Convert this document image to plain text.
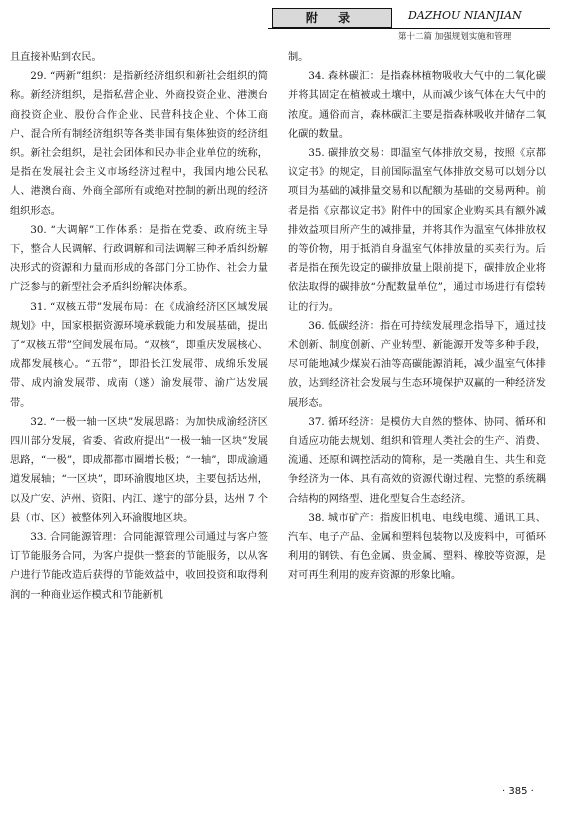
附 录	DAZHOU NIANJIAN
第十二篇 加强规划实施和管理

且直接补贴到农民。

29. “两新”组织：是指新经济组织和新社会组织的简称。新经济组织，是指私营企业、外商投资企业、港澳台商投资企业、股份合作企业、民营科技企业、个体工商户、混合所有制经济组织等各类非国有集体独资的经济组织。新社会组织，是社会团体和民办非企业单位的统称，是指在发展社会主义市场经济过程中，我国内地公民私人、港澳台商、外商全部所有或绝对控制的新出现的经济组织形态。

30. “大调解”工作体系：是指在党委、政府统主导下，整合人民调解、行政调解和司法调解三种矛盾纠纷解决形式的资源和力量而形成的各部门分工协作、社会力量广泛参与的新型社会矛盾纠纷解决体系。

31. “双核五带”发展布局：在《成渝经济区区域发展规划》中，国家根据资源环境承载能力和发展基础，提出了“双核五带”空间发展布局。“双核”，即重庆发展核心、成都发展核心。“五带”，即沿长江发展带、成绵乐发展带、成内渝发展带、成南（遂）渝发展带、渝广达发展带。

32. “一极一轴一区块”发展思路：为加快成渝经济区四川部分发展，省委、省政府提出“一极一轴一区块”发展思路，“一极”，即成都都市圈增长极；“一轴”，即成渝通道发展轴；“一区块”，即环渝腹地区块，主要包括达州，以及广安、泸州、资阳、内江、遂宁的部分县，达州 7 个县（市、区）被整体列入环渝腹地区块。

33. 合同能源管理：合同能源管理公司通过与客户签订节能服务合同，为客户提供一整套的节能服务，以从客户进行节能改造后获得的节能效益中，收回投资和取得利润的一种商业运作模式和节能新机

制。

34. 森林碳汇：是指森林植物吸收大气中的二氧化碳并将其固定在植被或土壤中，从而减少该气体在大气中的浓度。通俗而言，森林碳汇主要是指森林吸收并储存二氧化碳的数量。

35. 碳排放交易：即温室气体排放交易，按照《京都议定书》的规定，目前国际温室气体排放交易可以划分以项目为基础的减排量交易和以配额为基础的交易两种。前者是指《京都议定书》附件中的国家企业购买具有额外减排效益项目所产生的减排量，并将其作为温室气体排放权的等价物，用于抵消自身温室气体排放量的买卖行为。后者是指在预先设定的碳排放量上限前提下，碳排放企业将依法取得的碳排放“分配数量单位”，通过市场进行有偿转让的行为。

36. 低碳经济：指在可持续发展理念指导下，通过技术创新、制度创新、产业转型、新能源开发等多种手段，尽可能地减少煤炭石油等高碳能源消耗，减少温室气体排放，达到经济社会发展与生态环境保护双赢的一种经济发展形态。

37. 循环经济：是模仿大自然的整体、协同、循环和自适应功能去规划、组织和管理人类社会的生产、消费、流通、还原和调控活动的简称，是一类融自生、共生和竞争经济为一体、具有高效的资源代谢过程、完整的系统耦合结构的网络型、进化型复合生态经济。

38. 城市矿产：指废旧机电、电线电缆、通讯工具、汽车、电子产品、金属和塑料包装物以及废料中，可循环利用的钢铁、有色金属、贵金属、塑料、橡胶等资源，是对可再生利用的废弃资源的形象比喻。

· 385 ·
